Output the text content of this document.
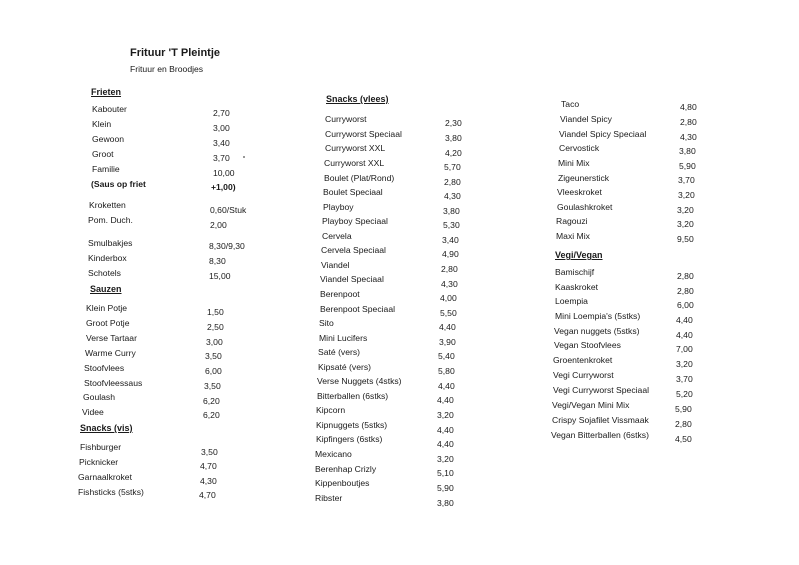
Frituur 'T Pleintje
Frituur en Broodjes
Frieten
Kabouter	2,70
Klein	3,00
Gewoon	3,40
Groot	3,70
Familie	10,00
(Saus op friet	+1,00)
Kroketten	0,60/Stuk
Pom. Duch.	2,00
Smulbakjes	8,30/9,30
Kinderbox	8,30
Schotels	15,00
Sauzen
Klein Potje	1,50
Groot Potje	2,50
Verse Tartaar	3,00
Warme Curry	3,50
Stoofvlees	6,00
Stoofvleessaus	3,50
Goulash	6,20
Videe	6,20
Snacks (vis)
Fishburger	3,50
Picknicker	4,70
Garnaalkroket	4,30
Fishsticks (5stks)	4,70
Snacks (vlees)
Curryworst	2,30
Curryworst Speciaal	3,80
Curryworst XXL	4,20
Curryworst XXL	5,70
Boulet (Plat/Rond)	2,80
Boulet Speciaal	4,30
Playboy	3,80
Playboy Speciaal	5,30
Cervela	3,40
Cervela Speciaal	4,90
Viandel	2,80
Viandel Speciaal	4,30
Berenpoot	4,00
Berenpoot Speciaal	5,50
Sito	4,40
Mini Lucifers	3,90
Saté (vers)	5,40
Kipsaté (vers)	5,80
Verse Nuggets (4stks)	4,40
Bitterballen (6stks)	4,40
Kipcorn	3,20
Kipnuggets (5stks)	4,40
Kipfingers (6stks)	4,40
Mexicano	3,20
Berenhap Crizly	5,10
Kippenboutjes	5,90
Ribster	3,80
Taco	4,80
Viandel Spicy	2,80
Viandel Spicy Speciaal	4,30
Cervostick	3,80
Mini Mix	5,90
Zigeunerstick	3,70
Vleeskroket	3,20
Goulashkroket	3,20
Ragouzi	3,20
Maxi Mix	9,50
Vegi/Vegan
Bamischijf	2,80
Kaaskroket	2,80
Loempia	6,00
Mini Loempia's (5stks)	4,40
Vegan nuggets (5stks)	4,40
Vegan Stoofvlees	7,00
Groentenkroket	3,20
Vegi Curryworst	3,70
Vegi Curryworst Speciaal	5,20
Vegi/Vegan Mini Mix	5,90
Crispy Sojafilet Vissmaak	2,80
Vegan Bitterballen (6stks)	4,50
